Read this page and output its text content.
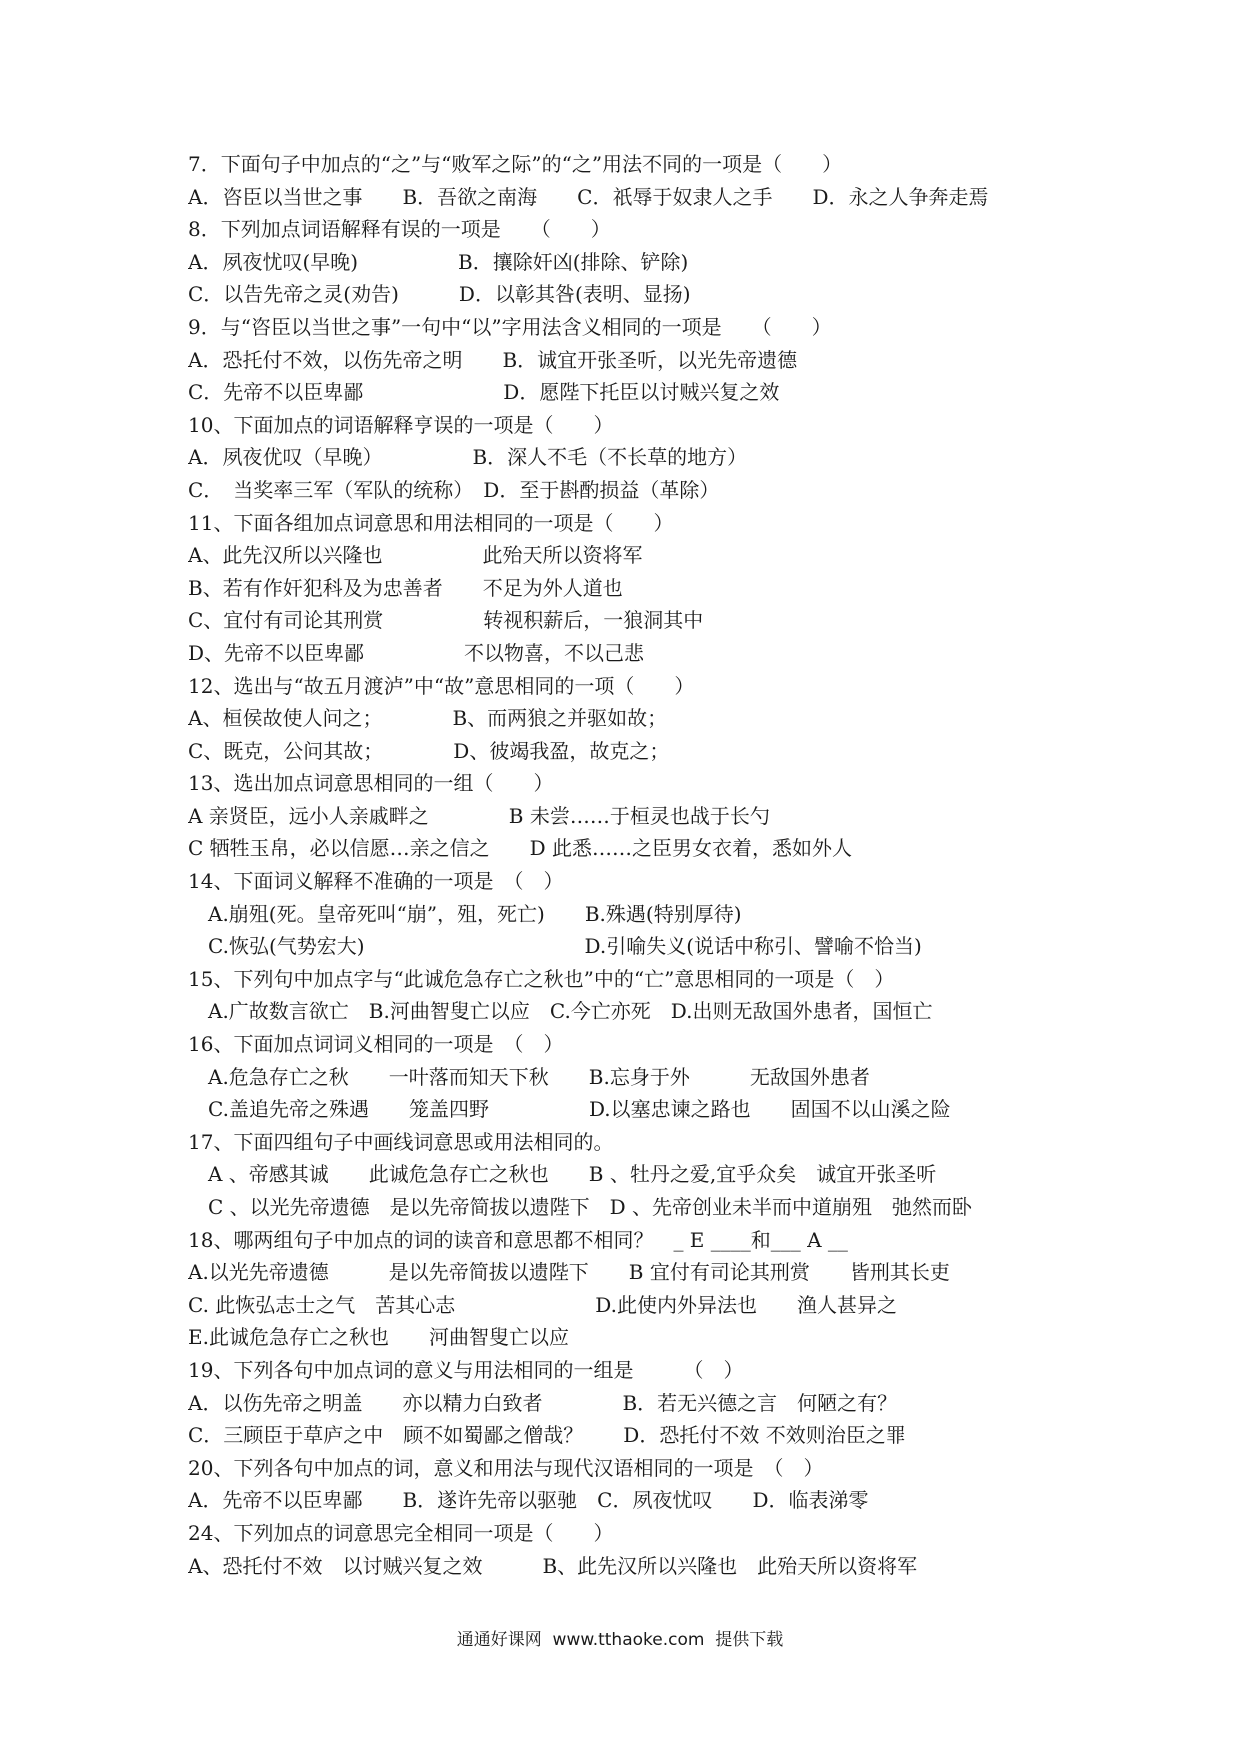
7．下面句子中加点的“之”与“败军之际”的“之”用法不同的一项是（　　）
A．咨臣以当世之事　　B．吾欲之南海　　C．祇辱于奴隶人之手　　D．永之人争奔走焉
8．下列加点词语解释有误的一项是　　（　　）
A．夙夜忧叹(早晚)　　　　　B．攘除奸凶(排除、铲除)
C．以告先帝之灵(劝告)　　　D．以彰其咎(表明、显扬)
9．与“咨臣以当世之事”一句中“以”字用法含义相同的一项是　　（　　）
A．恐托付不效，以伤先帝之明　　B．诚宜开张圣听，以光先帝遗德
C．先帝不以臣卑鄙　　　　　　　D．愿陛下托臣以讨贼兴复之效
10、下面加点的词语解释亨误的一项是（　　）
A．夙夜优叹（早晚）　　　　　B．深人不毛（不长草的地方）
C．　当奖率三军（军队的统称）　D．至于斟酌损益（革除）
11、下面各组加点词意思和用法相同的一项是（　　）
A、此先汉所以兴隆也　　　　　此殆天所以资将军
B、若有作奸犯科及为忠善者　　不足为外人道也
C、宜付有司论其刑赏　　　　　转视积薪后，一狼洞其中
D、先帝不以臣卑鄙　　　　　不以物喜，不以己悲
12、选出与“故五月渡泸”中“故”意思相同的一项（　　）
A、桓侯故使人问之；　　　　B、而两狼之并驱如故；
C、既克，公问其故；　　　　D、彼竭我盈，故克之；
13、选出加点词意思相同的一组（　　）
A 亲贤臣，远小人亲戚畔之　　　　B 未尝……于桓灵也战于长勺
C 牺牲玉帛，必以信愿…亲之信之　　D 此悉……之臣男女衣着，悉如外人
14、下面词义解释不准确的一项是　（　）
　A.崩殂(死。皇帝死叫“崩”，殂，死亡)　　B.殊遇(特别厚待)
　C.恢弘(气势宏大)　　　　　　　　　　　D.引喻失义(说话中称引、譬喻不恰当)
15、下列句中加点字与“此诚危急存亡之秋也”中的“亡”意思相同的一项是（　）
　A.广故数言欲亡　B.河曲智叟亡以应　C.今亡亦死　D.出则无敌国外患者，国恒亡
16、下面加点词词义相同的一项是　（　）
　A.危急存亡之秋　　一叶落而知天下秋　　B.忘身于外　　　无敌国外患者
　C.盖追先帝之殊遇　　笼盖四野　　　　　D.以塞忠谏之路也　　固国不以山溪之险
17、下面四组句子中画线词意思或用法相同的。
　A 、帝感其诚　　此诚危急存亡之秋也　　B 、牡丹之爱,宜乎众矣　诚宜开张圣听
　C 、以光先帝遗德　是以先帝简拔以遗陛下　D 、先帝创业未半而中道崩殂　弛然而卧
18、哪两组句子中加点的词的读音和意思都不相同？　_ E ____和___ A __
A.以光先帝遗德　　　是以先帝简拔以遗陛下　　B 宜付有司论其刑赏　　皆刑其长吏
C. 此恢弘志士之气　苦其心志　　　　　　　D.此使内外异法也　　渔人甚异之
E.此诚危急存亡之秋也　　河曲智叟亡以应
19、下列各句中加点词的意义与用法相同的一组是　　　（　）
A．以伤先帝之明盖　　亦以精力白致者　　　　B．若无兴德之言　何陋之有？
C．三顾臣于草庐之中　顾不如蜀鄙之僧哉？　　D．恐托付不效 不效则治臣之罪
20、下列各句中加点的词，意义和用法与现代汉语相同的一项是　（　）
A．先帝不以臣卑鄙　　B．遂许先帝以驱驰　C．夙夜忧叹　　D．临表涕零
24、下列加点的词意思完全相同一项是（　　）
A、恐托付不效　以讨贼兴复之效　　　B、此先汉所以兴隆也　此殆天所以资将军
通通好课网  www.tthaoke.com  提供下载
